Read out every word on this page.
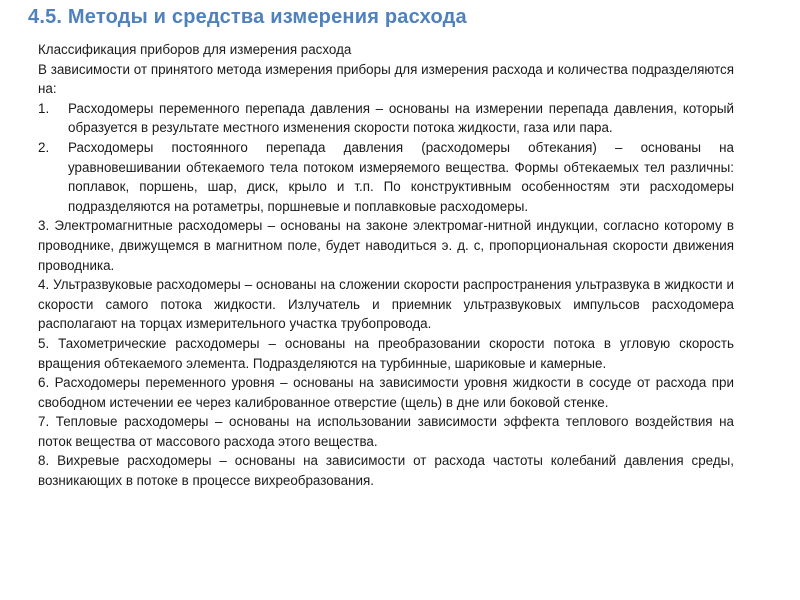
4.5. Методы и средства измерения расхода

Классификация приборов для измерения расхода

В зависимости от принятого метода измерения приборы для измерения расхода и количества подразделяются на:

1.	Расходомеры переменного перепада давления – основаны на измерении перепада давления, который образуется в результате местного изменения скорости потока жидкости, газа или пара.
2.	Расходомеры постоянного перепада давления (расходомеры обтекания) – основаны на уравновешивании обтекаемого тела потоком измеряемого вещества. Формы обтекаемых тел различны: поплавок, поршень, шар, диск, крыло и т.п. По конструктивным особенностям эти расходомеры подразделяются на ротаметры, поршневые и поплавковые расходомеры.

3. Электромагнитные расходомеры – основаны на законе электромаг-нитной индукции, согласно которому в проводнике, движущемся в магнитном поле, будет наводиться э. д. с, пропорциональная скорости движения проводника.

4. Ультразвуковые расходомеры – основаны на сложении скорости распространения ультразвука в жидкости и скорости самого потока жидкости. Излучатель и приемник ультразвуковых импульсов расходомера располагают на торцах измерительного участка трубопровода.

5. Тахометрические расходомеры – основаны на преобразовании скорости потока в угловую скорость вращения обтекаемого элемента. Подразделяются на турбинные, шариковые и камерные.

6. Расходомеры переменного уровня – основаны на зависимости уровня жидкости в сосуде от расхода при свободном истечении ее через калиброванное отверстие (щель) в дне или боковой стенке.

7. Тепловые расходомеры – основаны на использовании зависимости эффекта теплового воздействия на поток вещества от массового расхода этого вещества.

8. Вихревые расходомеры – основаны на зависимости от расхода частоты колебаний давления среды, возникающих в потоке в процессе вихреобразования.
